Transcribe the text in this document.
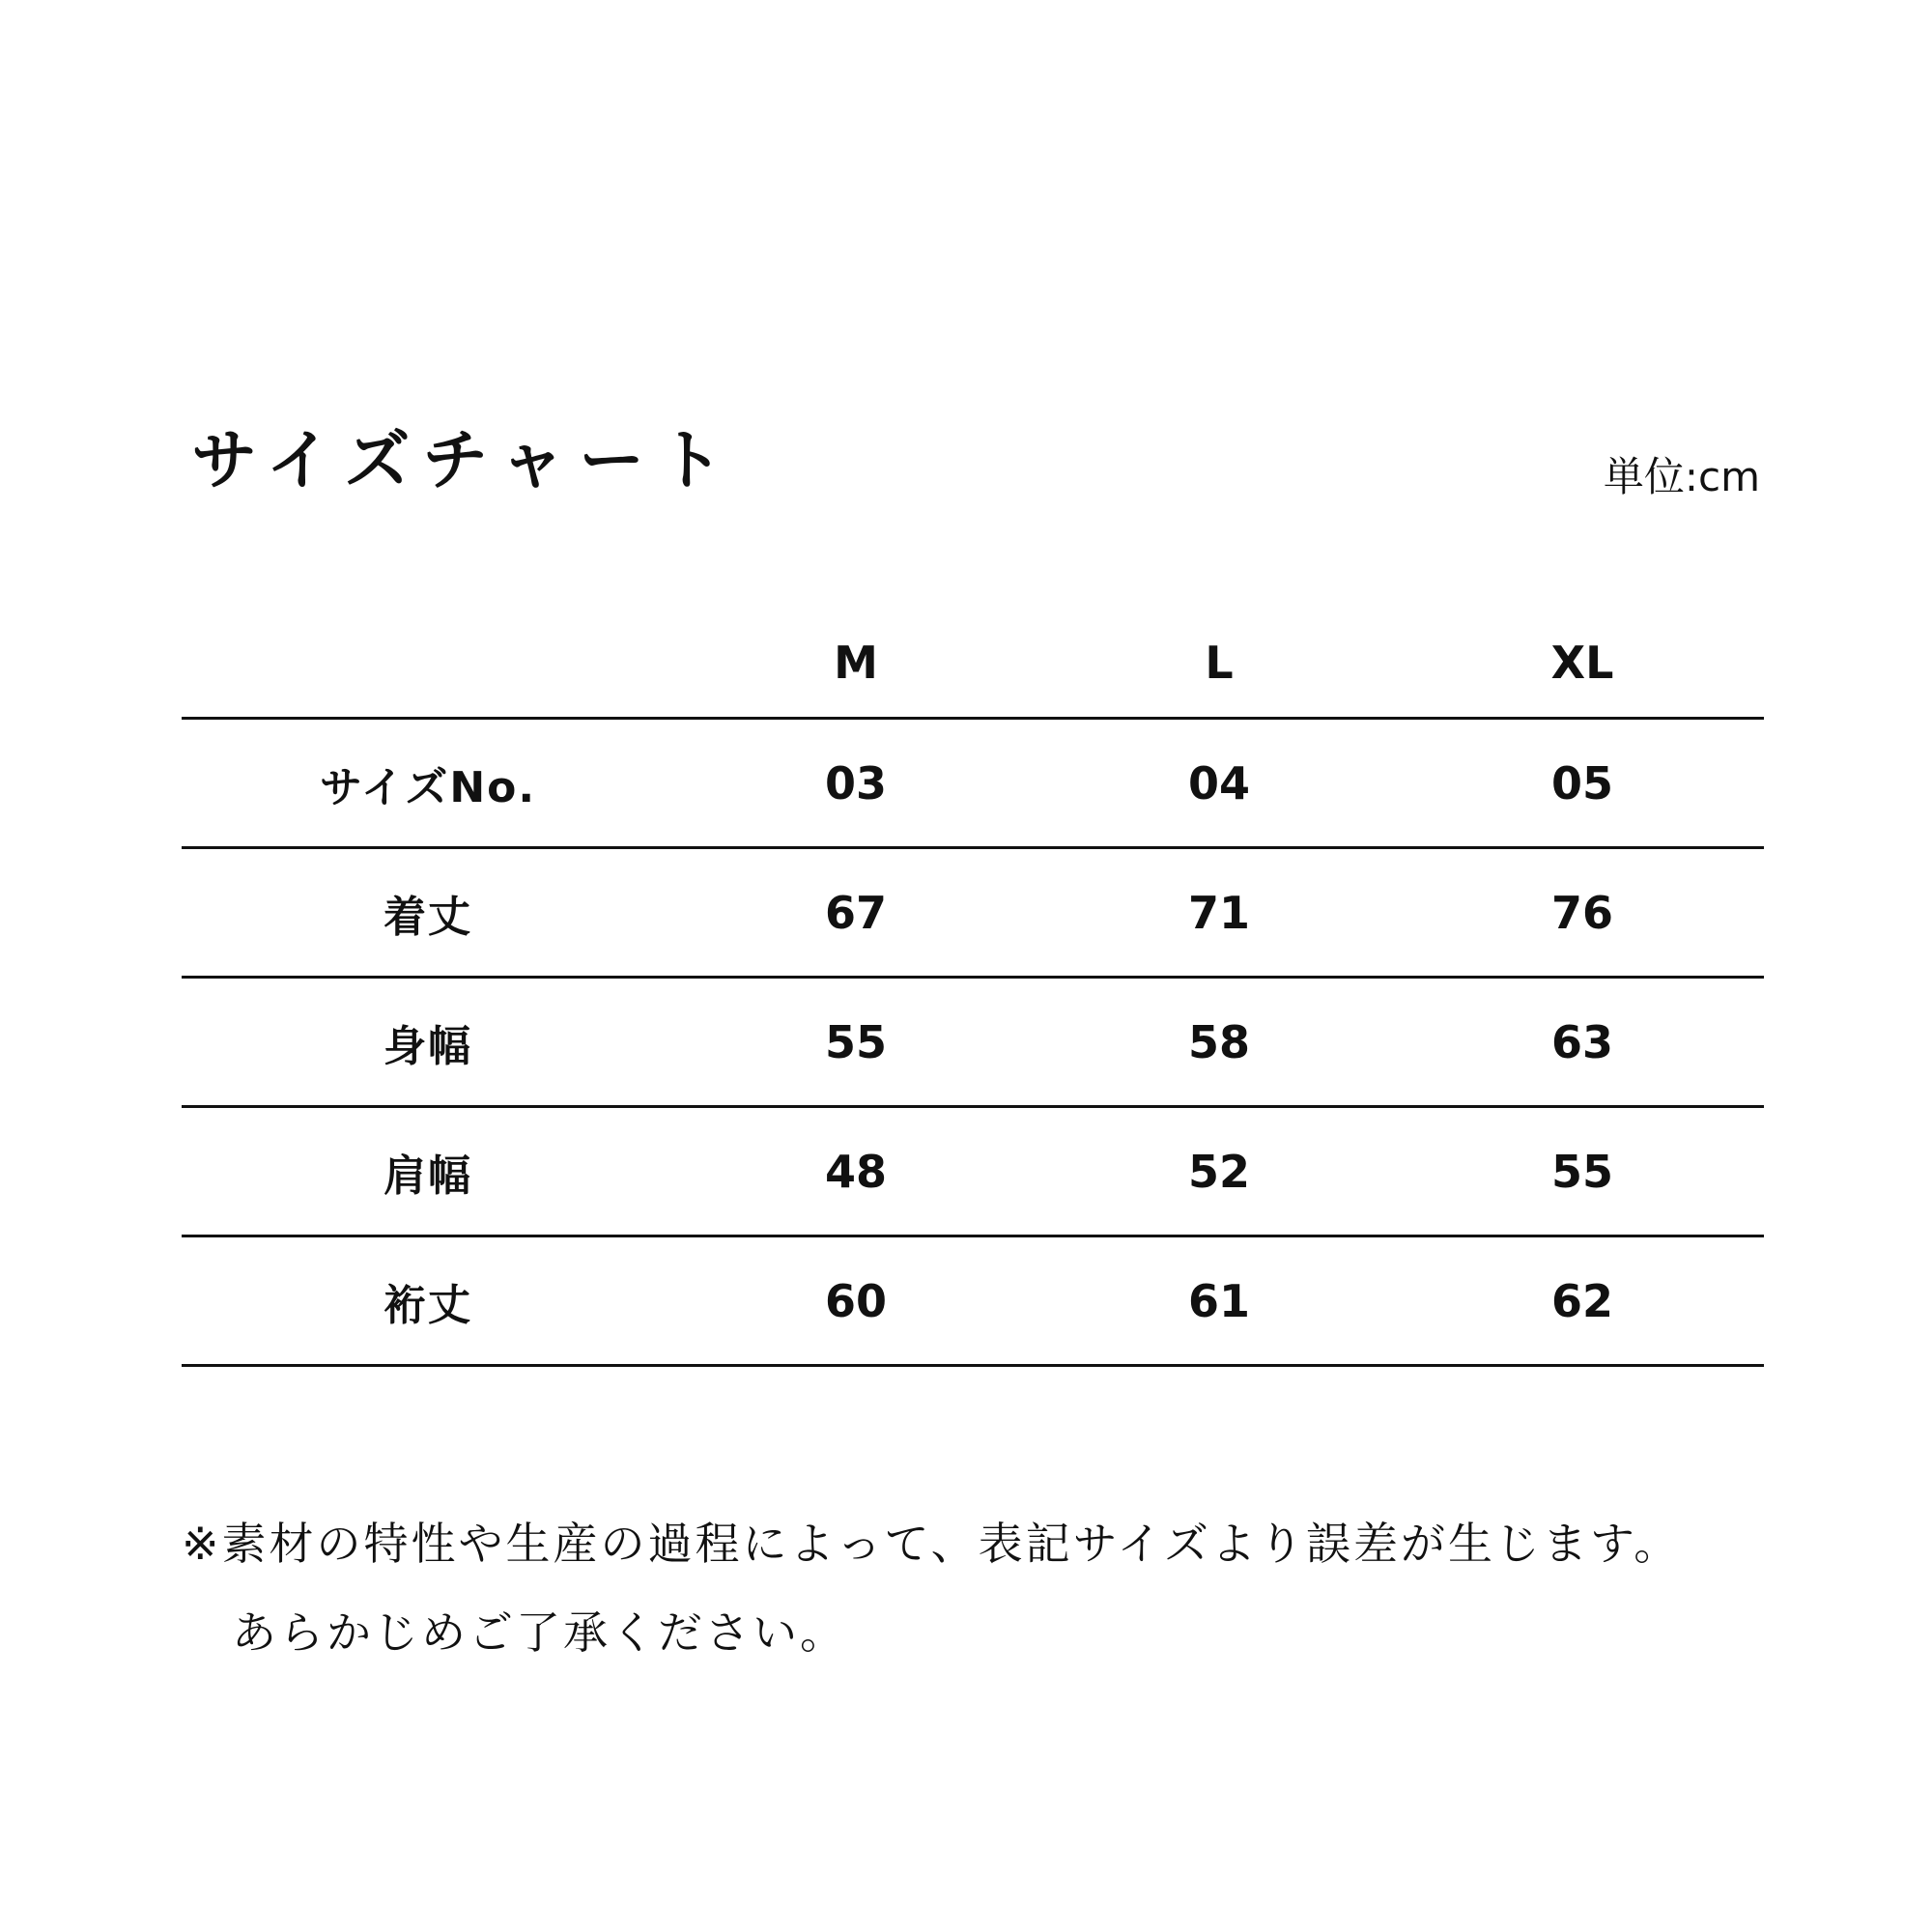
サイズチャート	単位:cm
	M	L	XL
サイズNo.	03	04	05
着丈	67	71	76
身幅	55	58	63
肩幅	48	52	55
裄丈	60	61	62
※素材の特性や生産の過程によって、表記サイズより誤差が生じます。
あらかじめご了承ください。
